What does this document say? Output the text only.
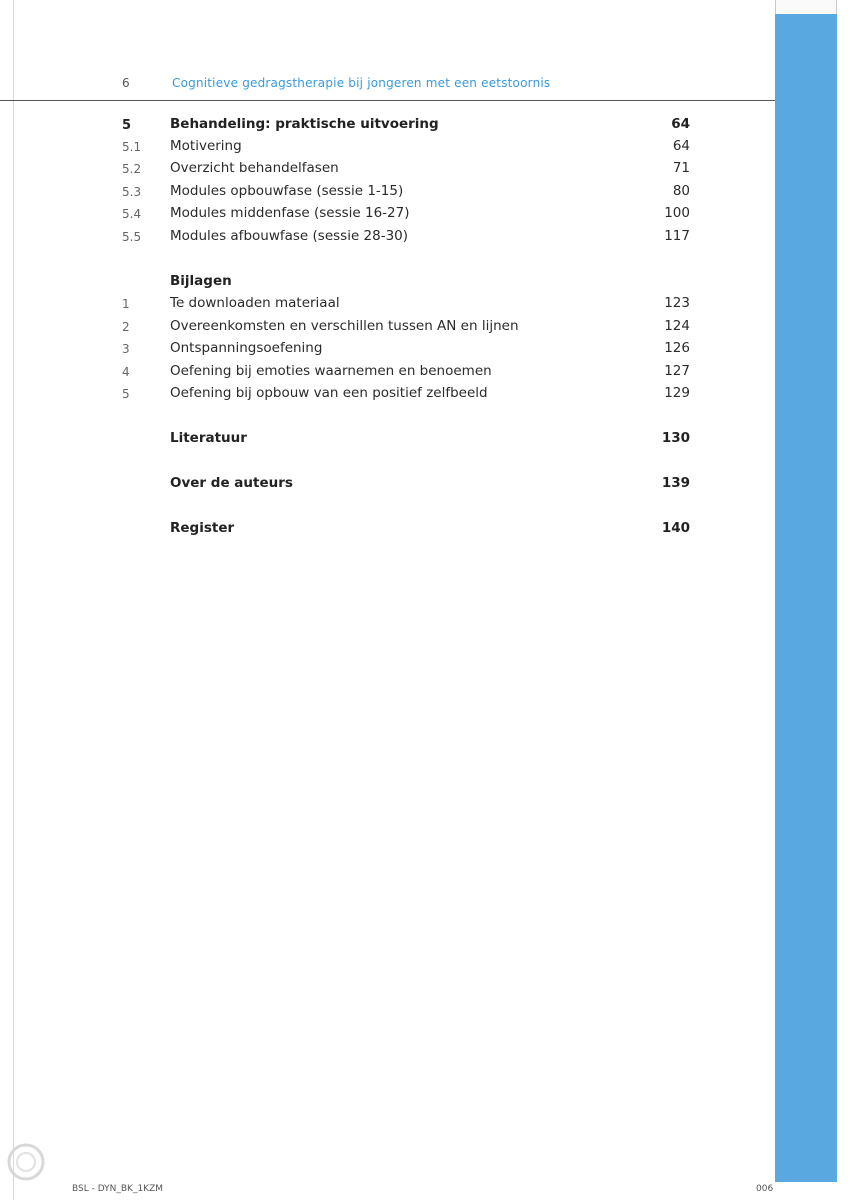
6	Cognitieve gedragstherapie bij jongeren met een eetstoornis
5	Behandeling: praktische uitvoering	64
5.1 Motivering	64
5.2 Overzicht behandelfasen	71
5.3 Modules opbouwfase (sessie 1-15)	80
5.4 Modules middenfase (sessie 16-27)	100
5.5 Modules afbouwfase (sessie 28-30)	117
Bijlagen
1	Te downloaden materiaal	123
2	Overeenkomsten en verschillen tussen AN en lijnen	124
3	Ontspanningsoefening	126
4	Oefening bij emoties waarnemen en benoemen	127
5	Oefening bij opbouw van een positief zelfbeeld	129
Literatuur	130
Over de auteurs	139
Register	140
BSL - DYN_BK_1KZM	006
